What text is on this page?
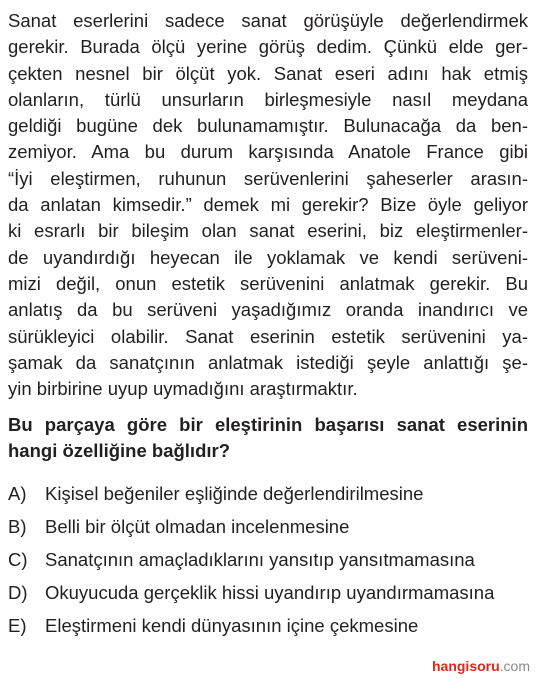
Sanat eserlerini sadece sanat görüşüyle değerlendirmek
gerekir. Burada ölçü yerine görüş dedim. Çünkü elde ger-
çekten nesnel bir ölçüt yok. Sanat eseri adını hak etmiş
olanların, türlü unsurların birleşmesiyle nasıl meydana
geldiği bugüne dek bulunamamıştır. Bulunacağa da ben-
zemiyor. Ama bu durum karşısında Anatole France gibi
“İyi eleştirmen, ruhunun serüvenlerini şaheserler arasın-
da anlatan kimsedir.” demek mi gerekir? Bize öyle geliyor
ki esrarlı bir bileşim olan sanat eserini, biz eleştirmenler-
de uyandırdığı heyecan ile yoklamak ve kendi serüveni-
mizi değil, onun estetik serüvenini anlatmak gerekir. Bu
anlatış da bu serüveni yaşadığımız oranda inandırıcı ve
sürükleyici olabilir. Sanat eserinin estetik serüvenini ya-
şamak da sanatçının anlatmak istediği şeyle anlattığı şe-
yin birbirine uyup uymadığını araştırmaktır.
Bu parçaya göre bir eleştirinin başarısı sanat eserinin
hangi özelliğine bağlıdır?
A) Kişisel beğeniler eşliğinde değerlendirilmesine
B) Belli bir ölçüt olmadan incelenmesine
C) Sanatçının amaçladıklarını yansıtıp yansıtmamasına
D) Okuyucuda gerçeklik hissi uyandırıp uyandırmamasına
E) Eleştirmeni kendi dünyasının içine çekmesine
hangisoru.com
